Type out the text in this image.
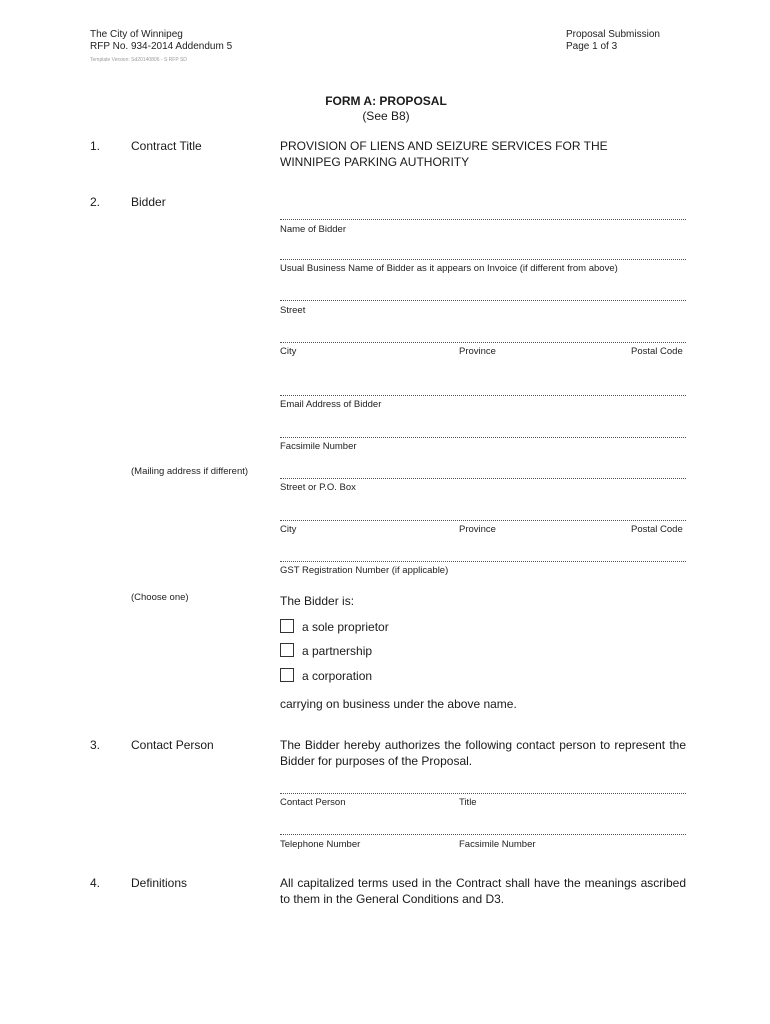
The City of Winnipeg
RFP No. 934-2014 Addendum 5
Template Version: Sd20140806 - S RFP SD
Proposal Submission
Page 1 of 3
FORM A: PROPOSAL
(See B8)
1.	Contract Title	PROVISION OF LIENS AND SEIZURE SERVICES FOR THE
WINNIPEG PARKING AUTHORITY
2.	Bidder
Name of Bidder
Usual Business Name of Bidder as it appears on Invoice (if different from above)
Street
City	Province	Postal Code
Email Address of Bidder
Facsimile Number
(Mailing address if different)
Street or P.O. Box
City	Province	Postal Code
GST Registration Number (if applicable)
(Choose one)	The Bidder is:
a sole proprietor
a partnership
a corporation
carrying on business under the above name.
3.	Contact Person	The Bidder hereby authorizes the following contact person to represent the Bidder for purposes of the Proposal.
Contact Person	Title
Telephone Number	Facsimile Number
4.	Definitions	All capitalized terms used in the Contract shall have the meanings ascribed to them in the General Conditions and D3.
